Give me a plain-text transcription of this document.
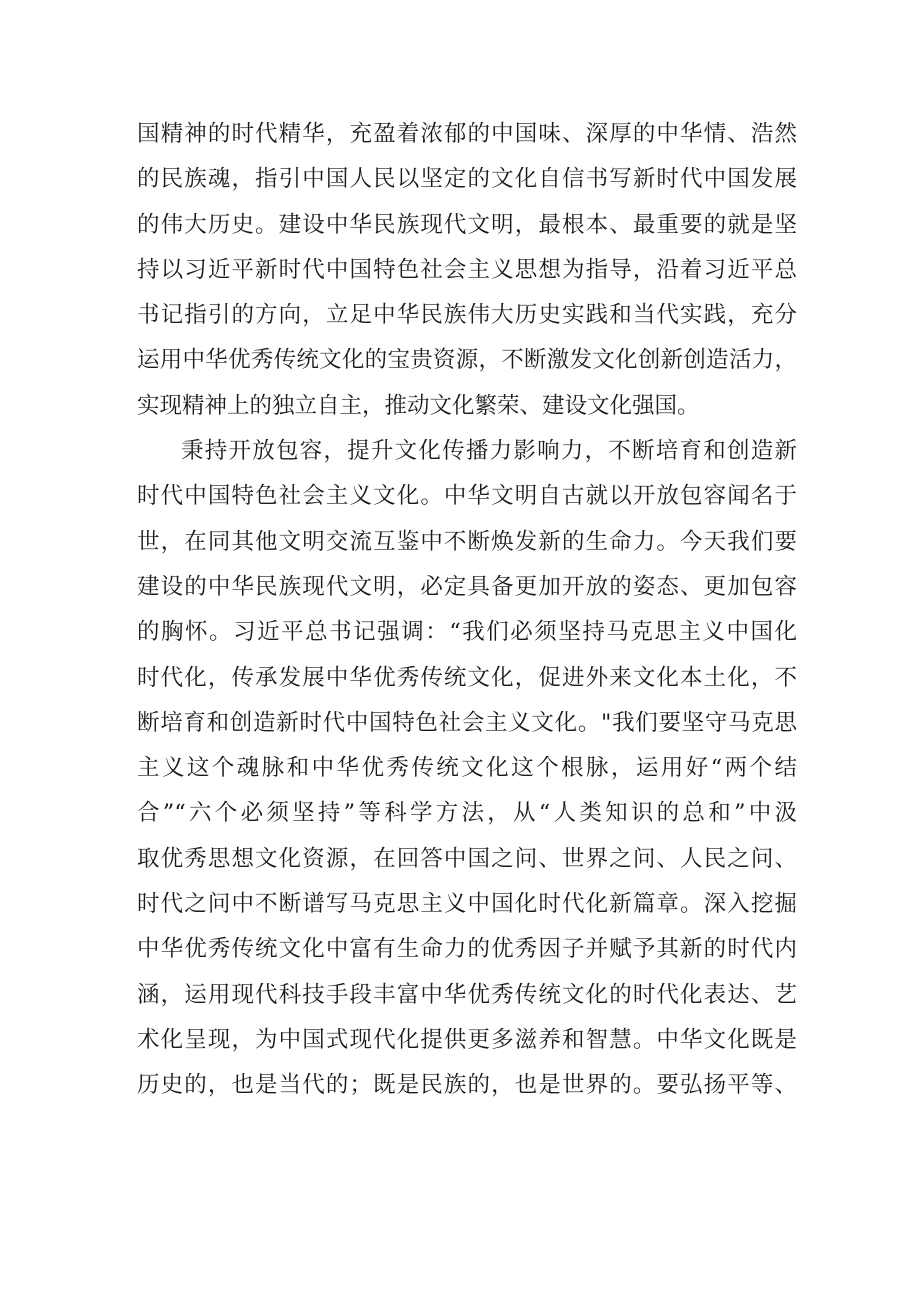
国精神的时代精华，充盈着浓郁的中国味、深厚的中华情、浩然
的民族魂，指引中国人民以坚定的文化自信书写新时代中国发展
的伟大历史。建设中华民族现代文明，最根本、最重要的就是坚
持以习近平新时代中国特色社会主义思想为指导，沿着习近平总
书记指引的方向，立足中华民族伟大历史实践和当代实践，充分
运用中华优秀传统文化的宝贵资源，不断激发文化创新创造活力，
实现精神上的独立自主，推动文化繁荣、建设文化强国。
秉持开放包容，提升文化传播力影响力，不断培育和创造新
时代中国特色社会主义文化。中华文明自古就以开放包容闻名于
世，在同其他文明交流互鉴中不断焕发新的生命力。今天我们要
建设的中华民族现代文明，必定具备更加开放的姿态、更加包容
的胸怀。习近平总书记强调：“我们必须坚持马克思主义中国化
时代化，传承发展中华优秀传统文化，促进外来文化本土化，不
断培育和创造新时代中国特色社会主义文化。"我们要坚守马克思
主义这个魂脉和中华优秀传统文化这个根脉，运用好“两个结
合”“六个必须坚持”等科学方法，从“人类知识的总和”中汲
取优秀思想文化资源，在回答中国之问、世界之问、人民之问、
时代之问中不断谱写马克思主义中国化时代化新篇章。深入挖掘
中华优秀传统文化中富有生命力的优秀因子并赋予其新的时代内
涵，运用现代科技手段丰富中华优秀传统文化的时代化表达、艺
术化呈现，为中国式现代化提供更多滋养和智慧。中华文化既是
历史的，也是当代的；既是民族的，也是世界的。要弘扬平等、
